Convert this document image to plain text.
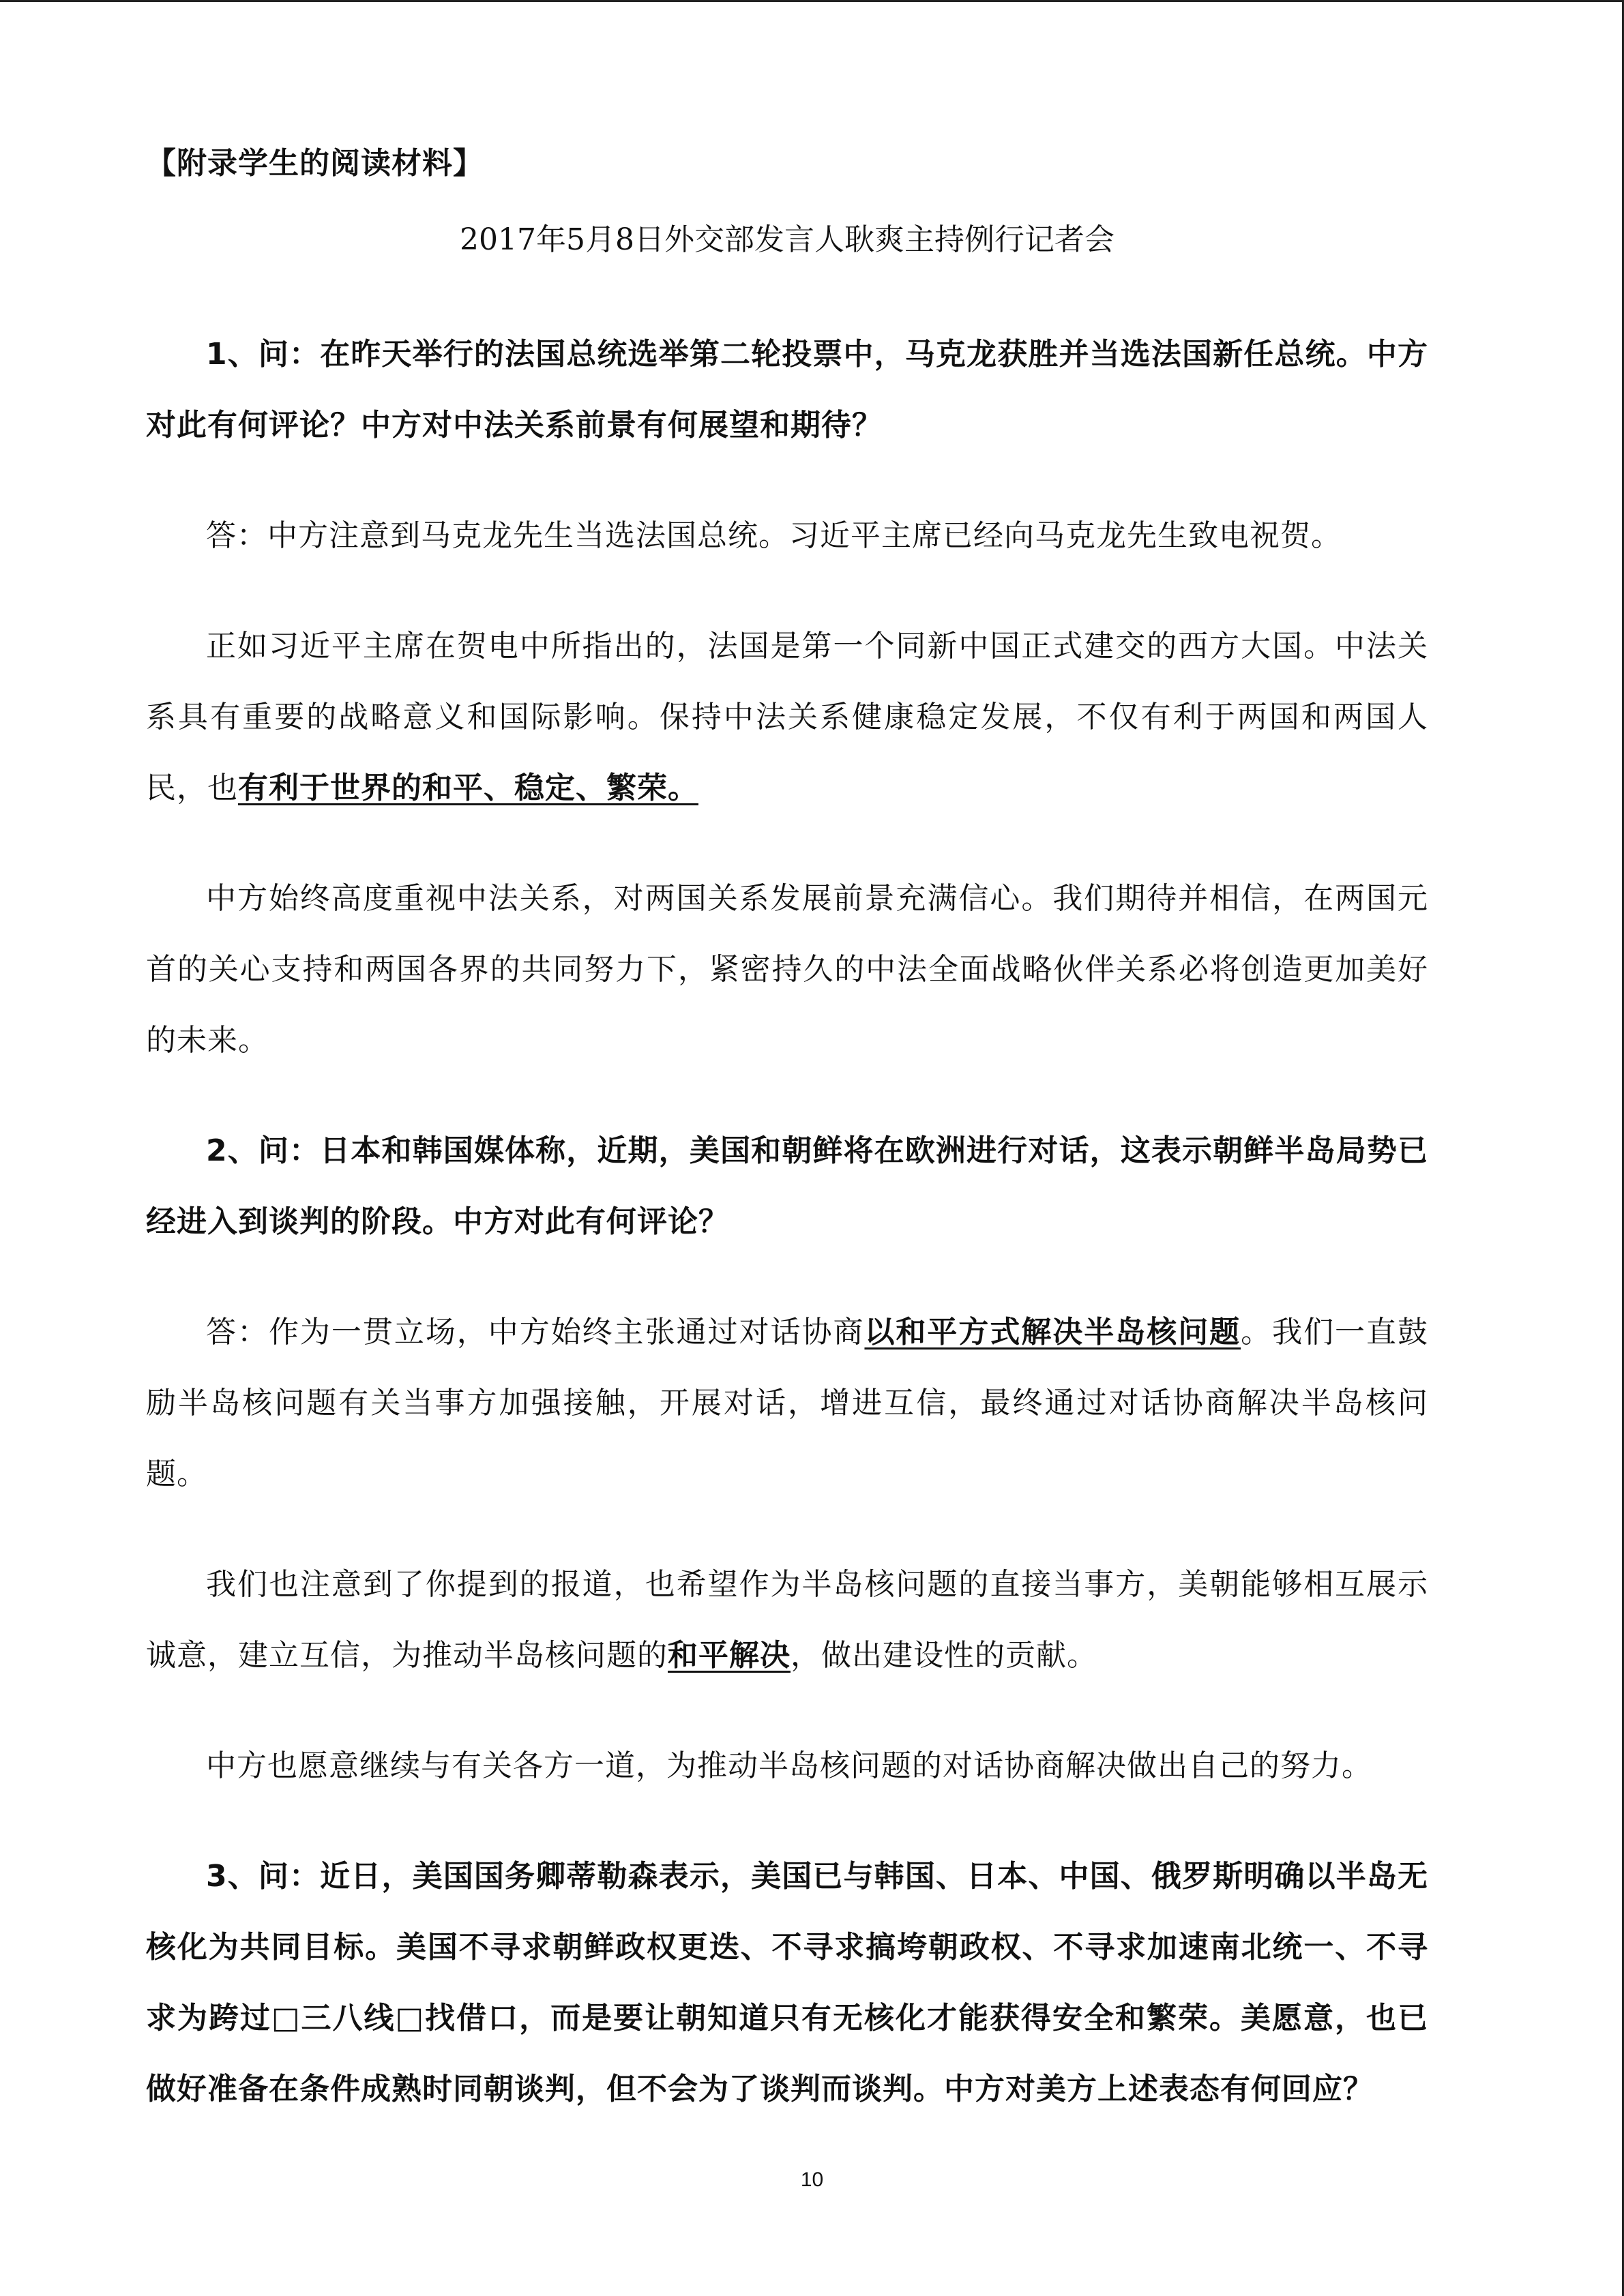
【附录学生的阅读材料】
2017年5月8日外交部发言人耿爽主持例行记者会

1、问：在昨天举行的法国总统选举第二轮投票中，马克龙获胜并当选法国新任总统。中方对此有何评论？中方对中法关系前景有何展望和期待？

答：中方注意到马克龙先生当选法国总统。习近平主席已经向马克龙先生致电祝贺。

正如习近平主席在贺电中所指出的，法国是第一个同新中国正式建交的西方大国。中法关系具有重要的战略意义和国际影响。保持中法关系健康稳定发展，不仅有利于两国和两国人民，也有利于世界的和平、稳定、繁荣。

中方始终高度重视中法关系，对两国关系发展前景充满信心。我们期待并相信，在两国元首的关心支持和两国各界的共同努力下，紧密持久的中法全面战略伙伴关系必将创造更加美好的未来。

2、问：日本和韩国媒体称，近期，美国和朝鲜将在欧洲进行对话，这表示朝鲜半岛局势已经进入到谈判的阶段。中方对此有何评论？

答：作为一贯立场，中方始终主张通过对话协商以和平方式解决半岛核问题。我们一直鼓励半岛核问题有关当事方加强接触，开展对话，增进互信，最终通过对话协商解决半岛核问题。

我们也注意到了你提到的报道，也希望作为半岛核问题的直接当事方，美朝能够相互展示诚意，建立互信，为推动半岛核问题的和平解决，做出建设性的贡献。

中方也愿意继续与有关各方一道，为推动半岛核问题的对话协商解决做出自己的努力。

3、问：近日，美国国务卿蒂勒森表示，美国已与韩国、日本、中国、俄罗斯明确以半岛无核化为共同目标。美国不寻求朝鲜政权更迭、不寻求搞垮朝政权、不寻求加速南北统一、不寻求为跨过□三八线□找借口，而是要让朝知道只有无核化才能获得安全和繁荣。美愿意，也已做好准备在条件成熟时同朝谈判，但不会为了谈判而谈判。中方对美方上述表态有何回应？

10
